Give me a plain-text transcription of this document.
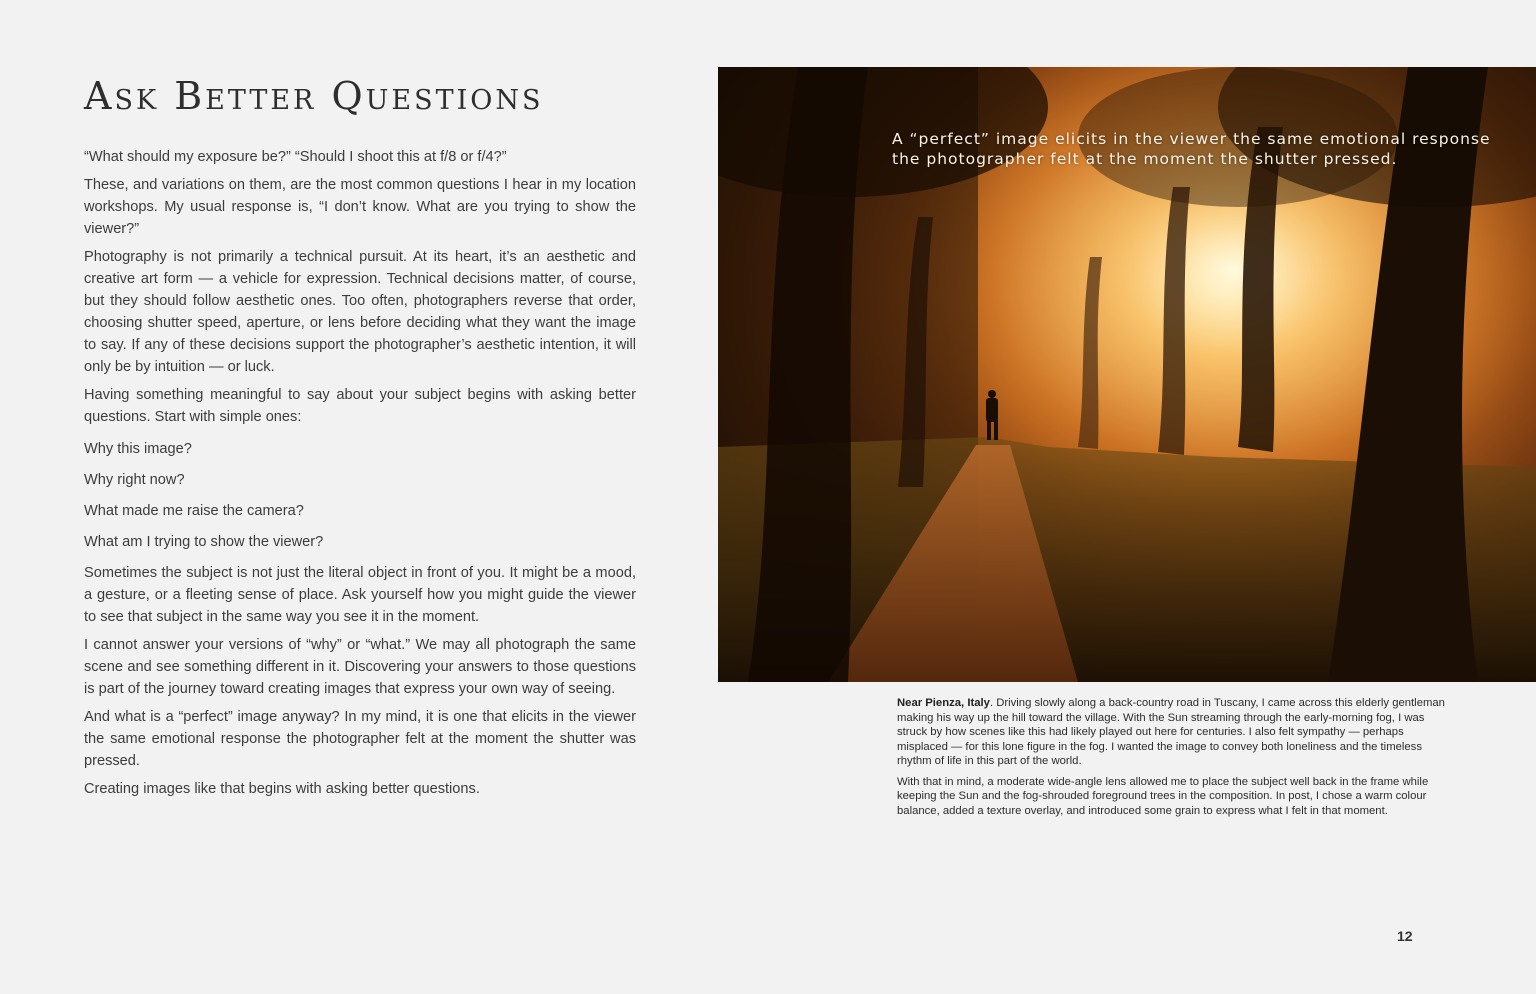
Ask Better Questions

“What should my exposure be?” “Should I shoot this at f/8 or f/4?”

These, and variations on them, are the most common questions I hear in my location workshops. My usual response is, “I don’t know. What are you trying to show the viewer?”

Photography is not primarily a technical pursuit. At its heart, it’s an aesthetic and creative art form — a vehicle for expression. Technical decisions matter, of course, but they should follow aesthetic ones. Too often, photographers reverse that order, choosing shutter speed, aperture, or lens before deciding what they want the image to say. If any of these decisions support the photographer’s aesthetic intention, it will only be by intuition — or luck.

Having something meaningful to say about your subject begins with asking better questions. Start with simple ones:

Why this image?

Why right now?

What made me raise the camera?

What am I trying to show the viewer?

Sometimes the subject is not just the literal object in front of you. It might be a mood, a gesture, or a fleeting sense of place. Ask yourself how you might guide the viewer to see that subject in the same way you see it in the moment.

I cannot answer your versions of “why” or “what.” We may all photograph the same scene and see something different in it. Discovering your answers to those questions is part of the journey toward creating images that express your own way of seeing.

And what is a “perfect” image anyway? In my mind, it is one that elicits in the viewer the same emotional response the photographer felt at the moment the shutter was pressed.

Creating images like that begins with asking better questions.

A “perfect” image elicits in the viewer the same emotional response the photographer felt at the moment the shutter pressed.

Near Pienza, Italy. Driving slowly along a back-country road in Tuscany, I came across this elderly gentleman making his way up the hill toward the village. With the Sun streaming through the early-morning fog, I was struck by how scenes like this had likely played out here for centuries. I also felt sympathy — perhaps misplaced — for this lone figure in the fog. I wanted the image to convey both loneliness and the timeless rhythm of life in this part of the world.

With that in mind, a moderate wide-angle lens allowed me to place the subject well back in the frame while keeping the Sun and the fog-shrouded foreground trees in the composition. In post, I chose a warm colour balance, added a texture overlay, and introduced some grain to express what I felt in that moment.

12
